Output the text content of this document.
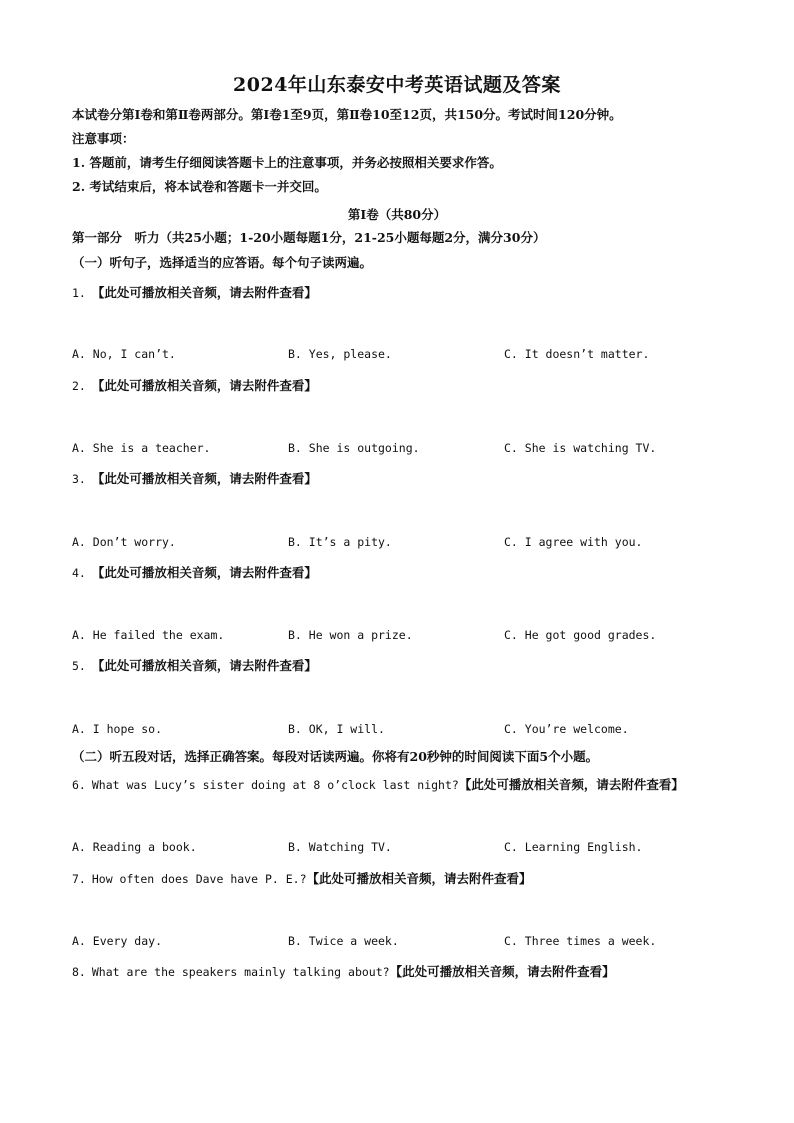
2024年山东泰安中考英语试题及答案
本试卷分第Ⅰ卷和第Ⅱ卷两部分。第Ⅰ卷1至9页，第Ⅱ卷10至12页，共150分。考试时间120分钟。
注意事项：
1. 答题前，请考生仔细阅读答题卡上的注意事项，并务必按照相关要求作答。
2. 考试结束后，将本试卷和答题卡一并交回。
第Ⅰ卷（共80分）
第一部分　听力（共25小题；1-20小题每题1分，21-25小题每题2分，满分30分）
（一）听句子，选择适当的应答语。每个句子读两遍。
1. 【此处可播放相关音频，请去附件查看】
A. No, I can’t.	B. Yes, please.	C. It doesn’t matter.
2. 【此处可播放相关音频，请去附件查看】
A. She is a teacher.	B. She is outgoing.	C. She is watching TV.
3. 【此处可播放相关音频，请去附件查看】
A. Don’t worry.	B. It’s a pity.	C. I agree with you.
4. 【此处可播放相关音频，请去附件查看】
A. He failed the exam.	B. He won a prize.	C. He got good grades.
5. 【此处可播放相关音频，请去附件查看】
A. I hope so.	B. OK, I will.	C. You’re welcome.
（二）听五段对话，选择正确答案。每段对话读两遍。你将有20秒钟的时间阅读下面5个小题。
6. What was Lucy’s sister doing at 8 o’clock last night?【此处可播放相关音频，请去附件查看】
A. Reading a book.	B. Watching TV.	C. Learning English.
7. How often does Dave have P. E.?【此处可播放相关音频，请去附件查看】
A. Every day.	B. Twice a week.	C. Three times a week.
8. What are the speakers mainly talking about?【此处可播放相关音频，请去附件查看】
